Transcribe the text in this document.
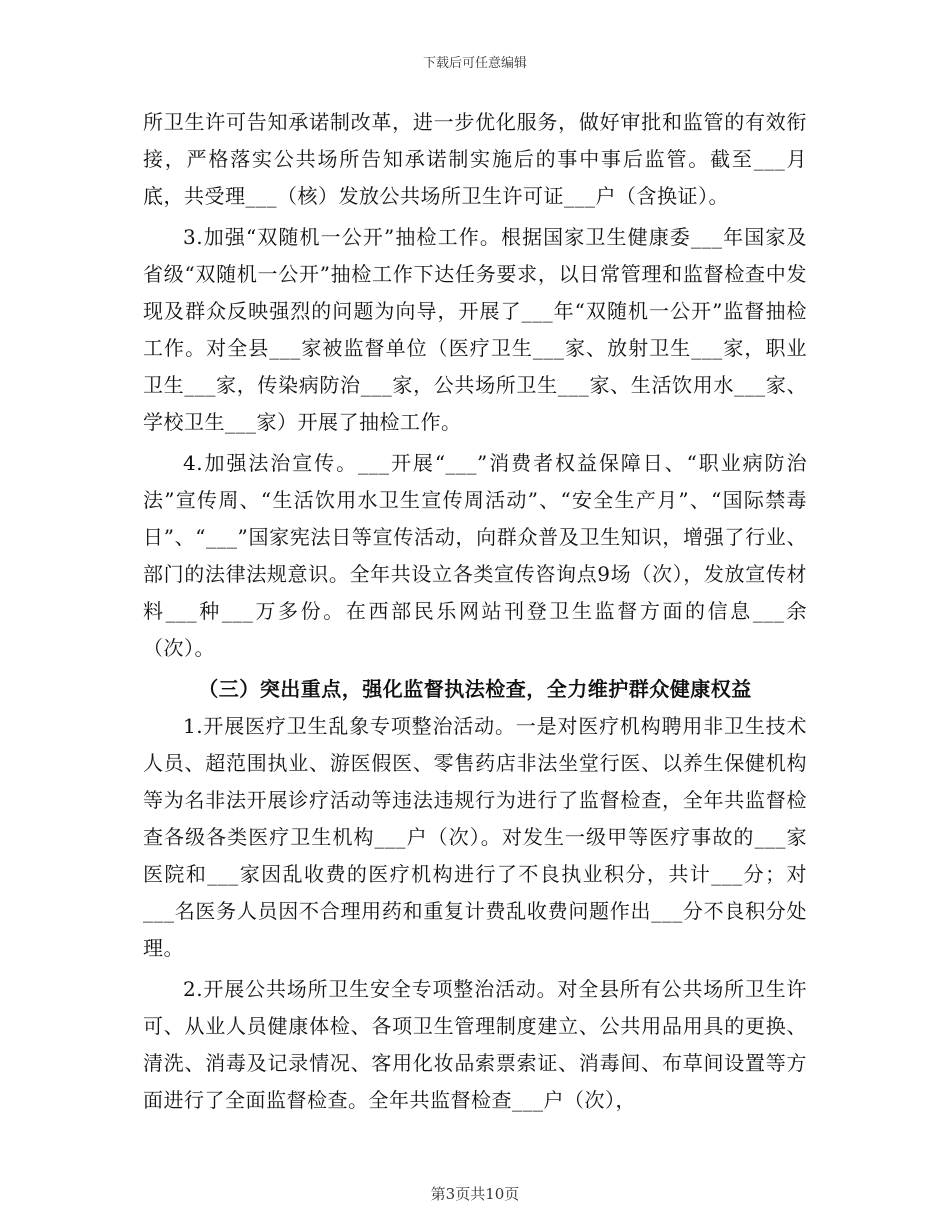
下载后可任意编辑

所卫生许可告知承诺制改革，进一步优化服务，做好审批和监管的有效衔接，严格落实公共场所告知承诺制实施后的事中事后监管。截至___月底，共受理___（核）发放公共场所卫生许可证___户（含换证）。

3.加强“双随机一公开”抽检工作。根据国家卫生健康委___年国家及省级“双随机一公开”抽检工作下达任务要求，以日常管理和监督检查中发现及群众反映强烈的问题为向导，开展了___年“双随机一公开”监督抽检工作。对全县___家被监督单位（医疗卫生___家、放射卫生___家，职业卫生___家，传染病防治___家，公共场所卫生___家、生活饮用水___家、学校卫生___家）开展了抽检工作。

4.加强法治宣传。___开展“___”消费者权益保障日、“职业病防治法”宣传周、“生活饮用水卫生宣传周活动”、“安全生产月”、“国际禁毒日”、“___”国家宪法日等宣传活动，向群众普及卫生知识，增强了行业、部门的法律法规意识。全年共设立各类宣传咨询点9场（次），发放宣传材料___种___万多份。在西部民乐网站刊登卫生监督方面的信息___余（次）。

（三）突出重点，强化监督执法检查，全力维护群众健康权益

1.开展医疗卫生乱象专项整治活动。一是对医疗机构聘用非卫生技术人员、超范围执业、游医假医、零售药店非法坐堂行医、以养生保健机构等为名非法开展诊疗活动等违法违规行为进行了监督检查，全年共监督检查各级各类医疗卫生机构___户（次）。对发生一级甲等医疗事故的___家医院和___家因乱收费的医疗机构进行了不良执业积分，共计___分；对___名医务人员因不合理用药和重复计费乱收费问题作出___分不良积分处理。

2.开展公共场所卫生安全专项整治活动。对全县所有公共场所卫生许可、从业人员健康体检、各项卫生管理制度建立、公共用品用具的更换、清洗、消毒及记录情况、客用化妆品索票索证、消毒间、布草间设置等方面进行了全面监督检查。全年共监督检查___户（次），

第3页共10页
